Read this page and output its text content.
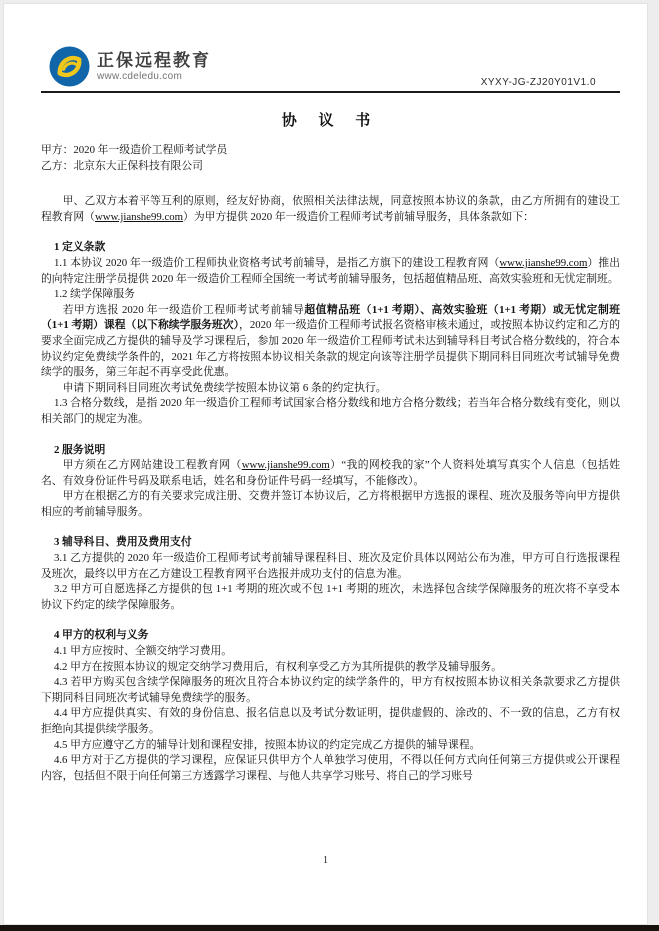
正保远程教育
www.cdeledu.com
XYXY-JG-ZJ20Y01V1.0
协 议 书
甲方：2020 年一级造价工程师考试学员
乙方：北京东大正保科技有限公司

甲、乙双方本着平等互利的原则，经友好协商，依照相关法律法规，同意按照本协议的条款，由乙方所拥有的建设工程教育网（www.jianshe99.com）为甲方提供 2020 年一级造价工程师考试考前辅导服务，具体条款如下：

1 定义条款

1.1 本协议 2020 年一级造价工程师执业资格考试考前辅导，是指乙方旗下的建设工程教育网（www.jianshe99.com）推出的向特定注册学员提供 2020 年一级造价工程师全国统一考试考前辅导服务，包括超值精品班、高效实验班和无忧定制班。

1.2 续学保障服务

若甲方选报 2020 年一级造价工程师考试考前辅导超值精品班（1+1 考期）、高效实验班（1+1 考期）或无忧定制班（1+1 考期）课程（以下称续学服务班次），2020 年一级造价工程师考试报名资格审核未通过，或按照本协议约定和乙方的要求全面完成乙方提供的辅导及学习课程后，参加 2020 年一级造价工程师考试未达到辅导科目考试合格分数线的，符合本协议约定免费续学条件的，2021 年乙方将按照本协议相关条款的规定向该等注册学员提供下期同科目同班次考试辅导免费续学的服务，第三年起不再享受此优惠。

申请下期同科目同班次考试免费续学按照本协议第 6 条的约定执行。

1.3 合格分数线，是指 2020 年一级造价工程师考试国家合格分数线和地方合格分数线；若当年合格分数线有变化，则以相关部门的规定为准。

2 服务说明

甲方须在乙方网站建设工程教育网（www.jianshe99.com）“我的网校我的家”个人资料处填写真实个人信息（包括姓名、有效身份证件号码及联系电话，姓名和身份证件号码一经填写，不能修改）。

甲方在根据乙方的有关要求完成注册、交费并签订本协议后，乙方将根据甲方选报的课程、班次及服务等向甲方提供相应的考前辅导服务。

3 辅导科目、费用及费用支付

3.1 乙方提供的 2020 年一级造价工程师考试考前辅导课程科目、班次及定价具体以网站公布为准，甲方可自行选报课程及班次，最终以甲方在乙方建设工程教育网平台选报并成功支付的信息为准。

3.2 甲方可自愿选择乙方提供的包 1+1 考期的班次或不包 1+1 考期的班次，未选择包含续学保障服务的班次将不享受本协议下约定的续学保障服务。

4 甲方的权利与义务

4.1 甲方应按时、全额交纳学习费用。

4.2 甲方在按照本协议的规定交纳学习费用后，有权利享受乙方为其所提供的教学及辅导服务。

4.3 若甲方购买包含续学保障服务的班次且符合本协议约定的续学条件的，甲方有权按照本协议相关条款要求乙方提供下期同科目同班次考试辅导免费续学的服务。

4.4 甲方应提供真实、有效的身份信息、报名信息以及考试分数证明，提供虚假的、涂改的、不一致的信息，乙方有权拒绝向其提供续学服务。

4.5 甲方应遵守乙方的辅导计划和课程安排，按照本协议的约定完成乙方提供的辅导课程。

4.6 甲方对于乙方提供的学习课程，应保证只供甲方个人单独学习使用，不得以任何方式向任何第三方提供或公开课程内容，包括但不限于向任何第三方透露学习课程、与他人共享学习账号、将自己的学习账号

1
